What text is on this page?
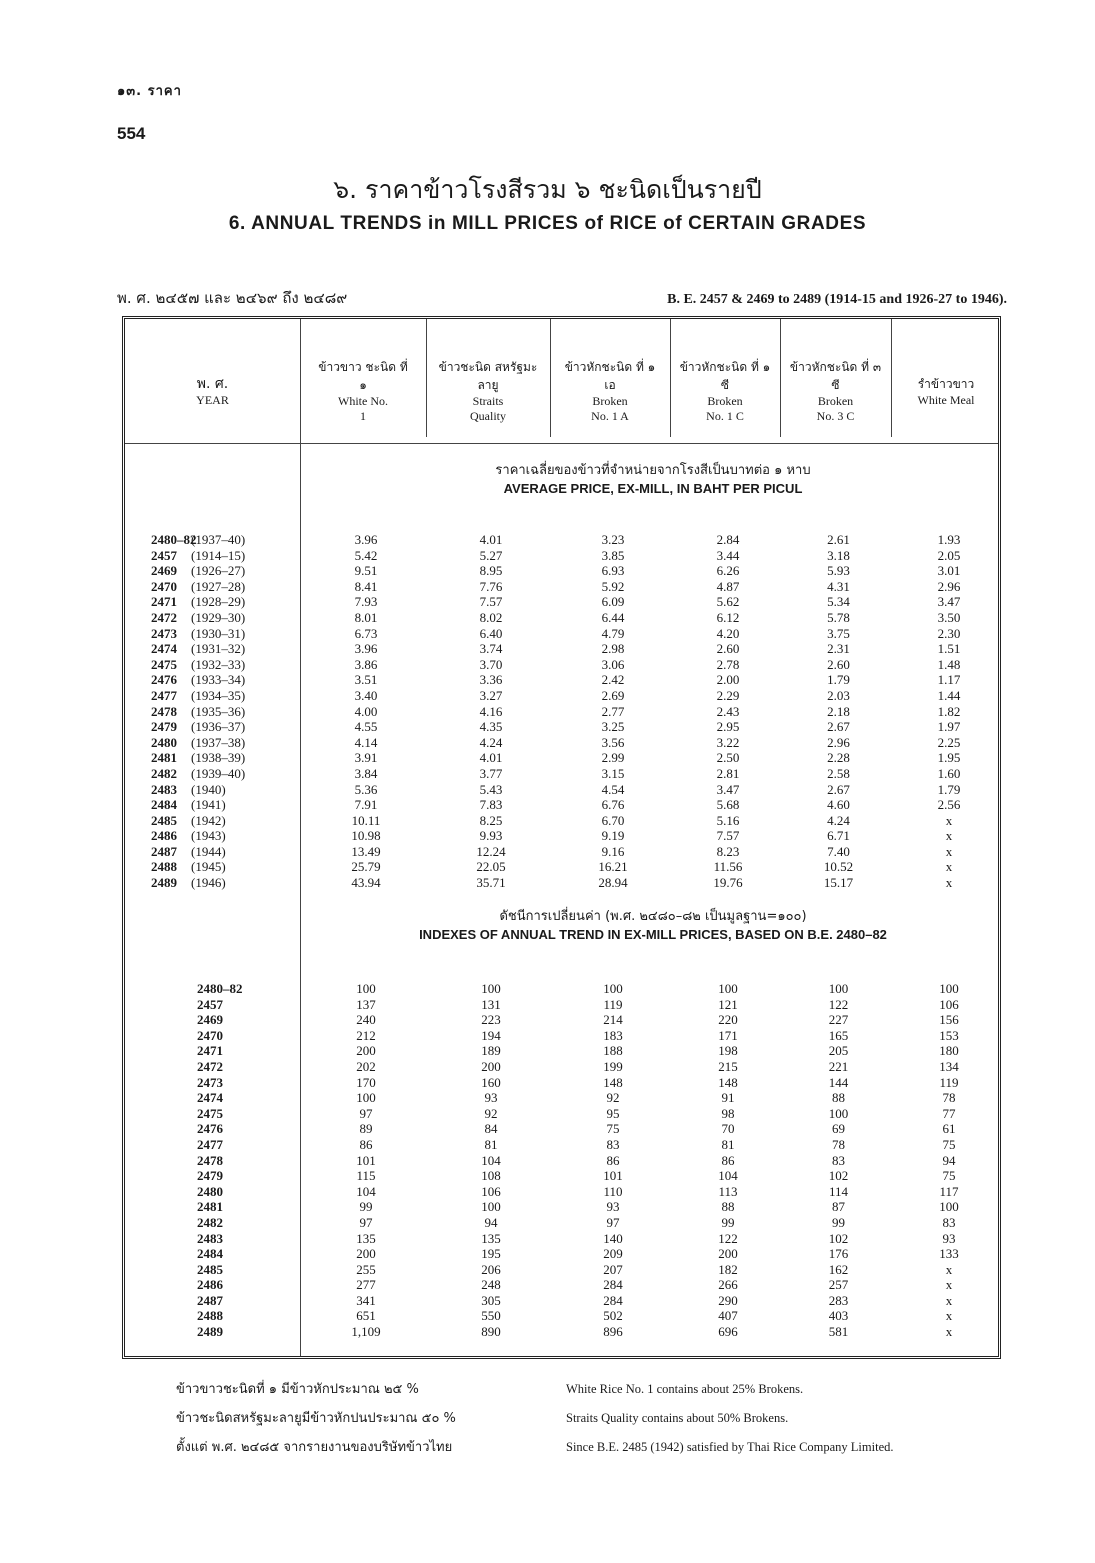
๑๓. ราคา
554
๖. ราคาข้าวโรงสีรวม ๖ ชะนิดเป็นรายปี
6. ANNUAL TRENDS in MILL PRICES of RICE of CERTAIN GRADES
พ. ศ. ๒๔๕๗ และ ๒๔๖๙ ถึง ๒๔๘๙	B. E. 2457 & 2469 to 2489 (1914-15 and 1926-27 to 1946).
พ. ศ.
YEAR
ข้าวขาว ชะนิด ที่ ๑
White No. 1
ข้าวชะนิด สหรัฐมะลายู
Straits Quality
ข้าวหักชะนิด ที่ ๑ เอ
Broken No. 1 A
ข้าวหักชะนิด ที่ ๑ ซี
Broken No. 1 C
ข้าวหักชะนิด ที่ ๓ ซี
Broken No. 3 C
รำข้าวขาว
White Meal
ราคาเฉลี่ยของข้าวที่จำหน่ายจากโรงสีเป็นบาทต่อ ๑ หาบ
AVERAGE PRICE, EX-MILL, IN BAHT PER PICUL
2480–82(1937–40)	3.96	4.01	3.23	2.84	2.61	1.93
2457 (1914–15)	5.42	5.27	3.85	3.44	3.18	2.05
2469 (1926–27)	9.51	8.95	6.93	6.26	5.93	3.01
2470 (1927–28)	8.41	7.76	5.92	4.87	4.31	2.96
2471 (1928–29)	7.93	7.57	6.09	5.62	5.34	3.47
2472 (1929–30)	8.01	8.02	6.44	6.12	5.78	3.50
2473 (1930–31)	6.73	6.40	4.79	4.20	3.75	2.30
2474 (1931–32)	3.96	3.74	2.98	2.60	2.31	1.51
2475 (1932–33)	3.86	3.70	3.06	2.78	2.60	1.48
2476 (1933–34)	3.51	3.36	2.42	2.00	1.79	1.17
2477 (1934–35)	3.40	3.27	2.69	2.29	2.03	1.44
2478 (1935–36)	4.00	4.16	2.77	2.43	2.18	1.82
2479 (1936–37)	4.55	4.35	3.25	2.95	2.67	1.97
2480 (1937–38)	4.14	4.24	3.56	3.22	2.96	2.25
2481 (1938–39)	3.91	4.01	2.99	2.50	2.28	1.95
2482 (1939–40)	3.84	3.77	3.15	2.81	2.58	1.60
2483 (1940)	5.36	5.43	4.54	3.47	2.67	1.79
2484 (1941)	7.91	7.83	6.76	5.68	4.60	2.56
2485 (1942)	10.11	8.25	6.70	5.16	4.24	x
2486 (1943)	10.98	9.93	9.19	7.57	6.71	x
2487 (1944)	13.49	12.24	9.16	8.23	7.40	x
2488 (1945)	25.79	22.05	16.21	11.56	10.52	x
2489 (1946)	43.94	35.71	28.94	19.76	15.17	x
ดัชนีการเปลี่ยนค่า (พ.ศ. ๒๔๘๐–๘๒ เป็นมูลฐาน=๑๐๐)
INDEXES OF ANNUAL TREND IN EX-MILL PRICES, BASED ON B.E. 2480–82
2480–82	100	100	100	100	100	100
2457	137	131	119	121	122	106
2469	240	223	214	220	227	156
2470	212	194	183	171	165	153
2471	200	189	188	198	205	180
2472	202	200	199	215	221	134
2473	170	160	148	148	144	119
2474	100	93	92	91	88	78
2475	97	92	95	98	100	77
2476	89	84	75	70	69	61
2477	86	81	83	81	78	75
2478	101	104	86	86	83	94
2479	115	108	101	104	102	75
2480	104	106	110	113	114	117
2481	99	100	93	88	87	100
2482	97	94	97	99	99	83
2483	135	135	140	122	102	93
2484	200	195	209	200	176	133
2485	255	206	207	182	162	x
2486	277	248	284	266	257	x
2487	341	305	284	290	283	x
2488	651	550	502	407	403	x
2489	1,109	890	896	696	581	x
ข้าวขาวชะนิดที่ ๑ มีข้าวหักประมาณ ๒๕ %
ข้าวชะนิดสหรัฐมะลายูมีข้าวหักปนประมาณ ๕๐ %
ตั้งแต่ พ.ศ. ๒๔๘๕ จากรายงานของบริษัทข้าวไทย
White Rice No. 1 contains about 25% Brokens.
Straits Quality contains about 50% Brokens.
Since B.E. 2485 (1942) satisfied by Thai Rice Company Limited.
